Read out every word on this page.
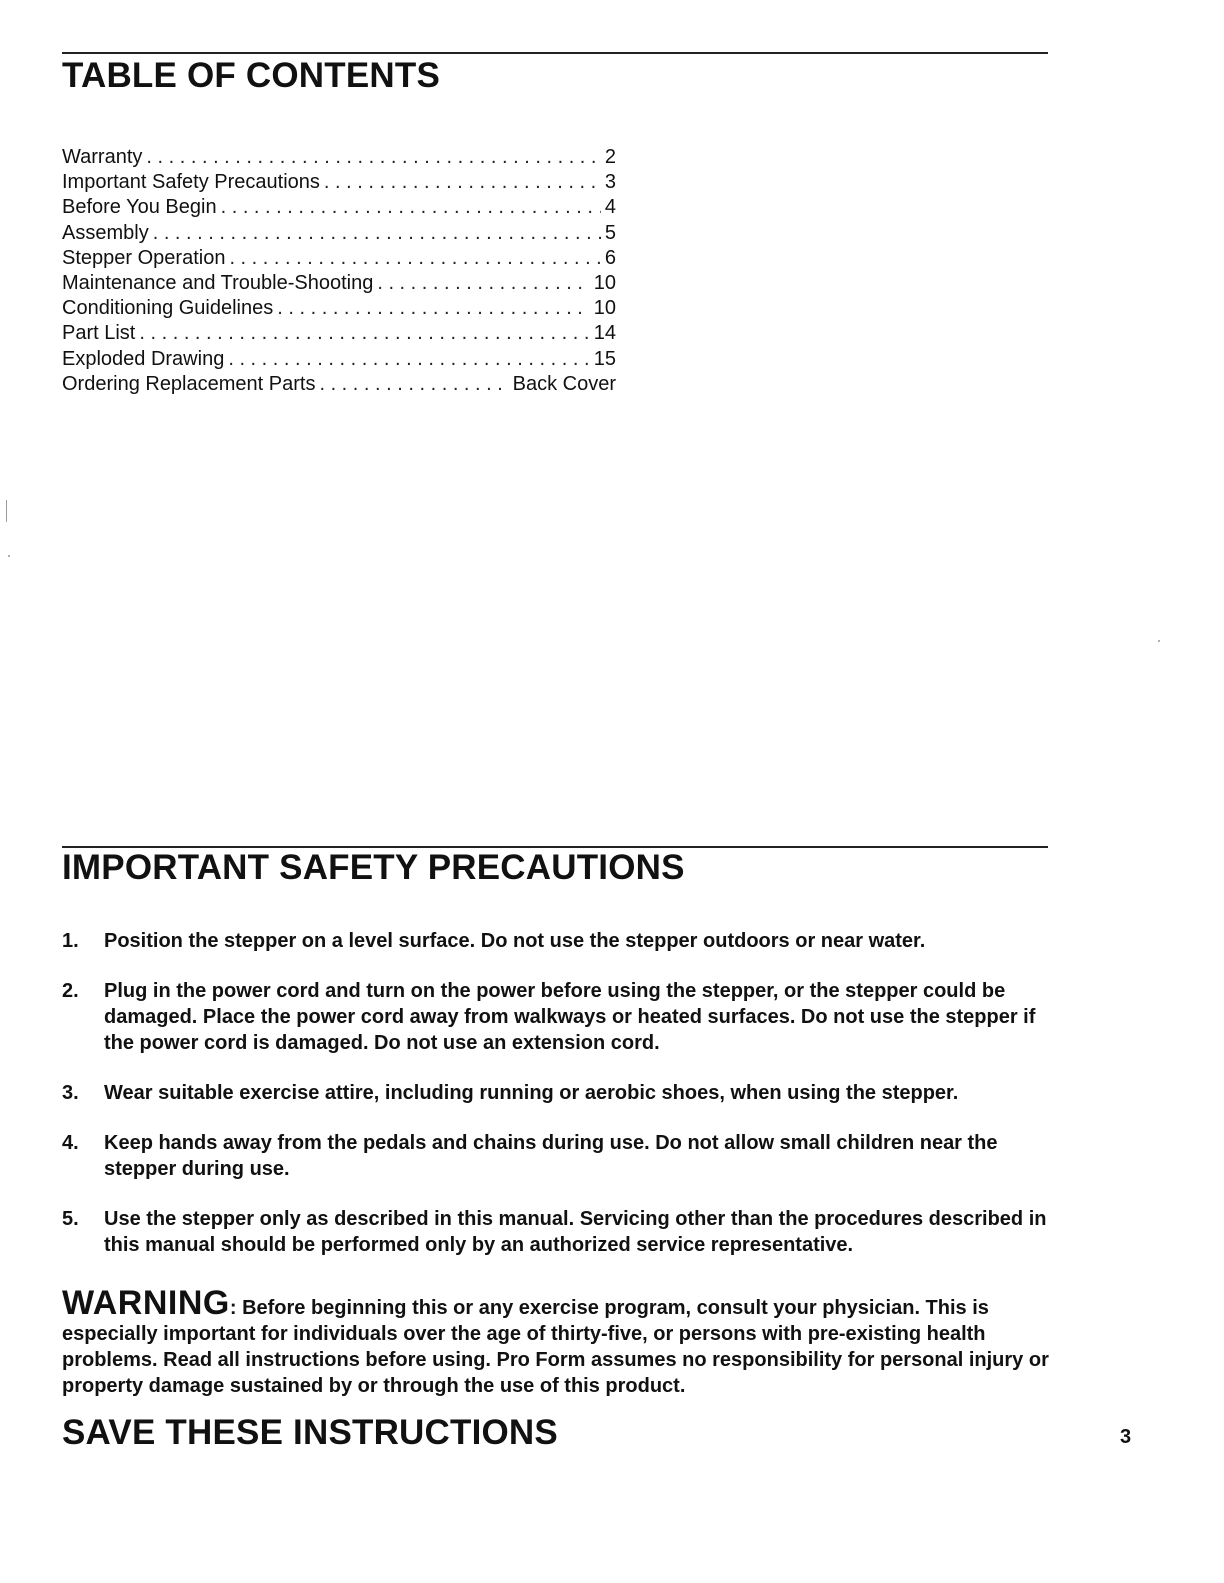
TABLE OF CONTENTS
Warranty . . .	2
Important Safety Precautions . . .	3
Before You Begin . . .	4
Assembly . . .	5
Stepper Operation . . .	6
Maintenance and Trouble-Shooting . . .	10
Conditioning Guidelines . . .	10
Part List . . .	14
Exploded Drawing . . .	15
Ordering Replacement Parts . . .	Back Cover
IMPORTANT SAFETY PRECAUTIONS
1.	Position the stepper on a level surface. Do not use the stepper outdoors or near water.
2.	Plug in the power cord and turn on the power before using the stepper, or the stepper could be damaged. Place the power cord away from walkways or heated surfaces. Do not use the stepper if the power cord is damaged. Do not use an extension cord.
3.	Wear suitable exercise attire, including running or aerobic shoes, when using the stepper.
4.	Keep hands away from the pedals and chains during use. Do not allow small children near the stepper during use.
5.	Use the stepper only as described in this manual. Servicing other than the procedures described in this manual should be performed only by an authorized service representative.

WARNING: Before beginning this or any exercise program, consult your physician. This is especially important for individuals over the age of thirty-five, or persons with pre-existing health problems. Read all instructions before using. Pro Form assumes no responsibility for personal injury or property damage sustained by or through the use of this product.

SAVE THESE INSTRUCTIONS	3
